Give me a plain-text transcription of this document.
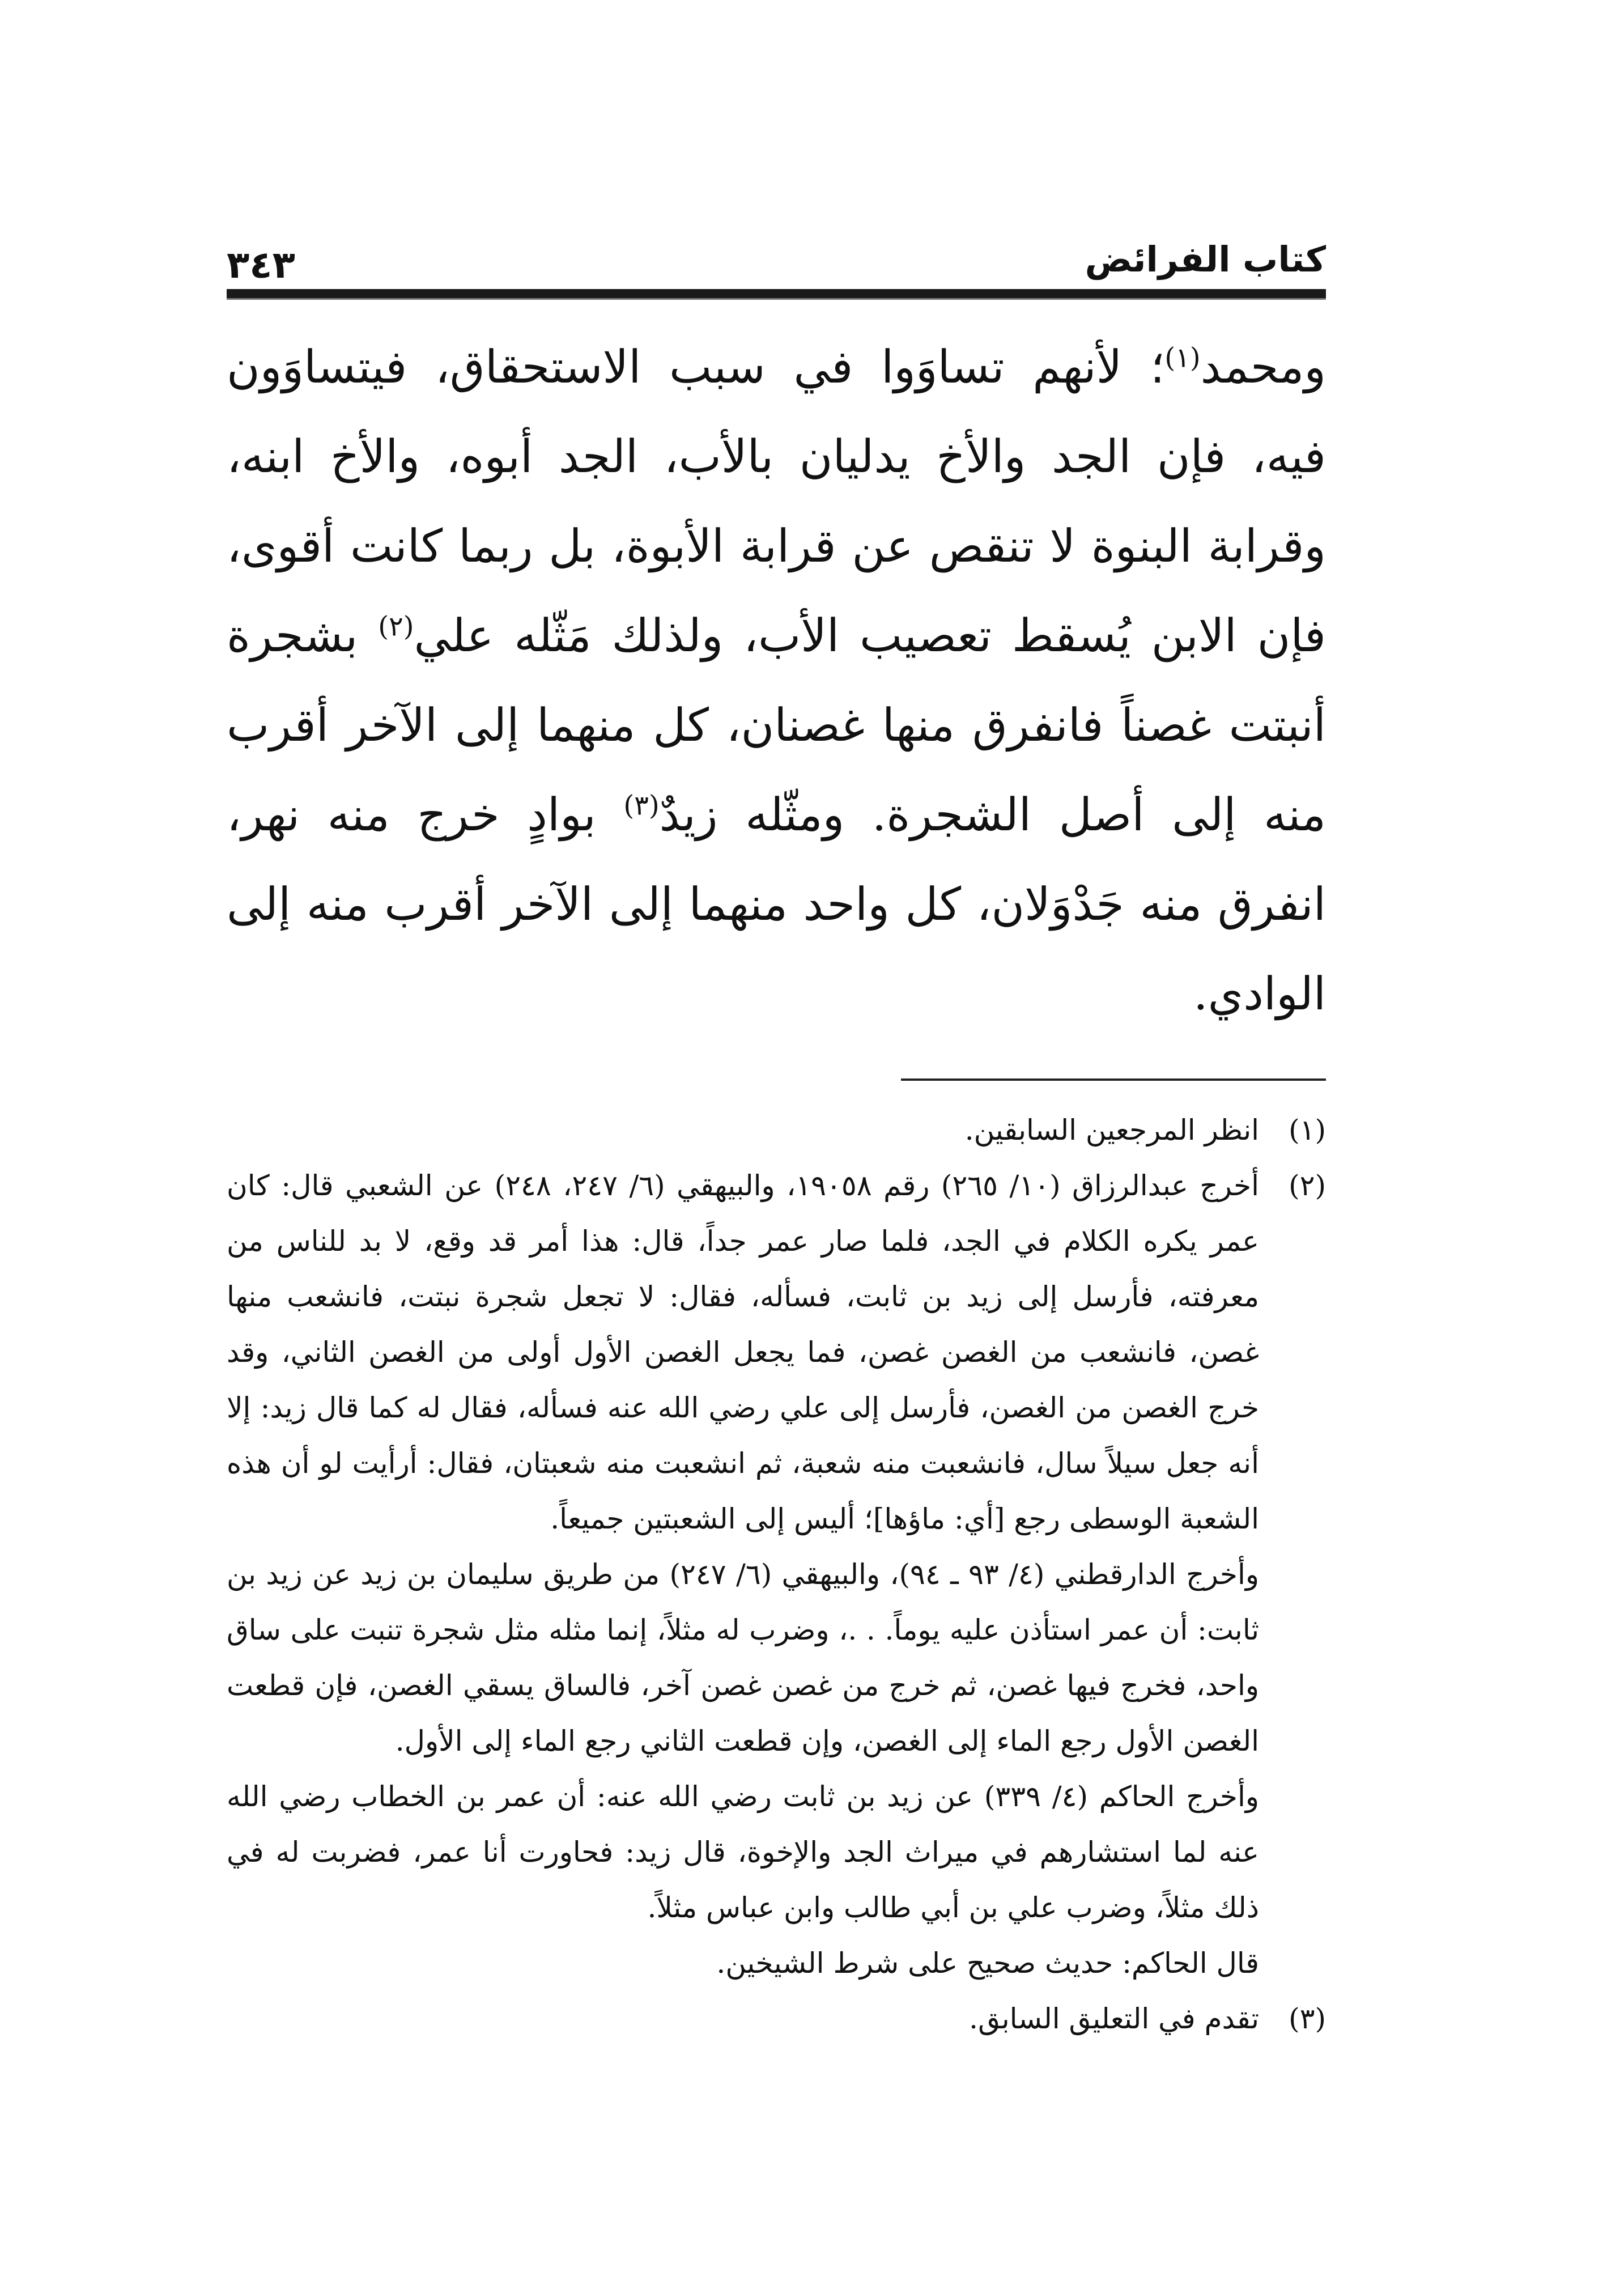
كتاب الفرائض
٣٤٣
ومحمد$^{(١)}$؛ لأنهم تساوَوا في سبب الاستحقاق، فيتساوَون فيه، فإن الجد والأخ يدليان بالأب، الجد أبوه، والأخ ابنه، وقرابة البنوة لا تنقص عن قرابة الأبوة، بل ربما كانت أقوى، فإن الابن يُسقط تعصيب الأب، ولذلك مَثّله علي$^{(٢)}$ بشجرة أنبتت غصناً فانفرق منها غصنان، كل منهما إلى الآخر أقرب منه إلى أصل الشجرة. ومثّله زيدٌ$^{(٣)}$ بوادٍ خرج منه نهر، انفرق منه جَدْوَلان، كل واحد منهما إلى الآخر أقرب منه إلى الوادي.
(١)

انظر المرجعين السابقين.

(٢)

أخرج عبدالرزاق (١٠/ ٢٦٥) رقم ١٩٠٥٨، والبيهقي (٦/ ٢٤٧، ٢٤٨) عن الشعبي قال: كان عمر يكره الكلام في الجد، فلما صار عمر جداً، قال: هذا أمر قد وقع، لا بد للناس من معرفته، فأرسل إلى زيد بن ثابت، فسأله، فقال: لا تجعل شجرة نبتت، فانشعب منها غصن، فانشعب من الغصن غصن، فما يجعل الغصن الأول أولى من الغصن الثاني، وقد خرج الغصن من الغصن، فأرسل إلى علي رضي الله عنه فسأله، فقال له كما قال زيد: إلا أنه جعل سيلاً سال، فانشعبت منه شعبة، ثم انشعبت منه شعبتان، فقال: أرأيت لو أن هذه الشعبة الوسطى رجع [أي: ماؤها]؛ أليس إلى الشعبتين جميعاً.

وأخرج الدارقطني (٤/ ٩٣ ـ ٩٤)، والبيهقي (٦/ ٢٤٧) من طريق سليمان بن زيد عن زيد بن ثابت: أن عمر استأذن عليه يوماً. . .، وضرب له مثلاً، إنما مثله مثل شجرة تنبت على ساق واحد، فخرج فيها غصن، ثم خرج من غصن غصن آخر، فالساق يسقي الغصن، فإن قطعت الغصن الأول رجع الماء إلى الغصن، وإن قطعت الثاني رجع الماء إلى الأول.

وأخرج الحاكم (٤/ ٣٣٩) عن زيد بن ثابت رضي الله عنه: أن عمر بن الخطاب رضي الله عنه لما استشارهم في ميراث الجد والإخوة، قال زيد: فحاورت أنا عمر، فضربت له في ذلك مثلاً، وضرب علي بن أبي طالب وابن عباس مثلاً.

قال الحاكم: حديث صحيح على شرط الشيخين.

(٣)

تقدم في التعليق السابق.
